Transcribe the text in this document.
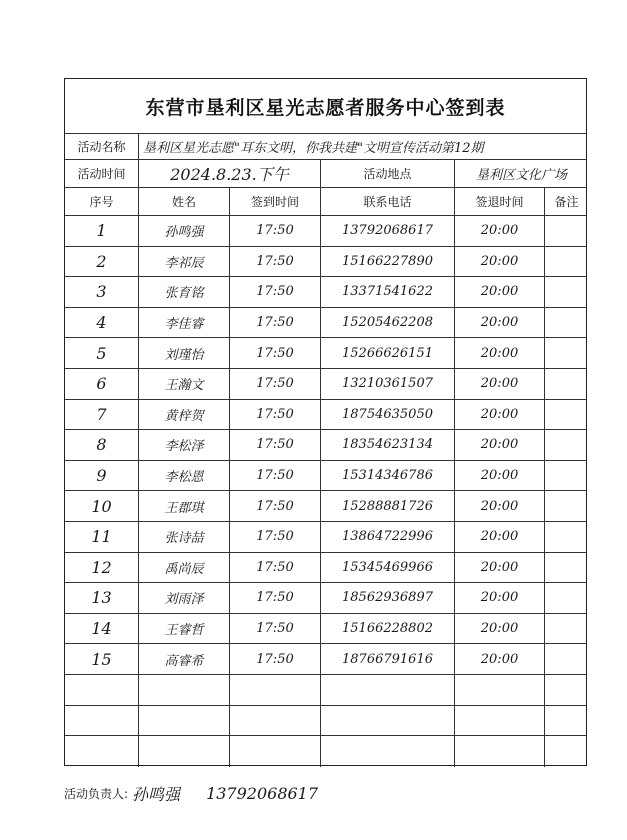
东营市垦利区星光志愿者服务中心签到表
活动名称	垦利区星光志愿"耳东文明，你我共建"文明宣传活动第12期
活动时间	2024.8.23.下午	活动地点	垦利区文化广场
序号	姓名	签到时间	联系电话	签退时间	备注
1	孙鸣强	17:50	13792068617	20:00
2	李祁辰	17:50	15166227890	20:00
3	张育铭	17:50	13371541622	20:00
4	李佳睿	17:50	15205462208	20:00
5	刘瑾怡	17:50	15266626151	20:00
6	王瀚文	17:50	13210361507	20:00
7	黄梓贺	17:50	18754635050	20:00
8	李松泽	17:50	18354623134	20:00
9	李松恩	17:50	15314346786	20:00
10	王郡琪	17:50	15288881726	20:00
11	张诗喆	17:50	13864722996	20:00
12	禹尚辰	17:50	15345469966	20:00
13	刘雨泽	17:50	18562936897	20:00
14	王睿哲	17:50	15166228802	20:00
15	高睿希	17:50	18766791616	20:00
活动负责人: 孙鸣强 13792068617
